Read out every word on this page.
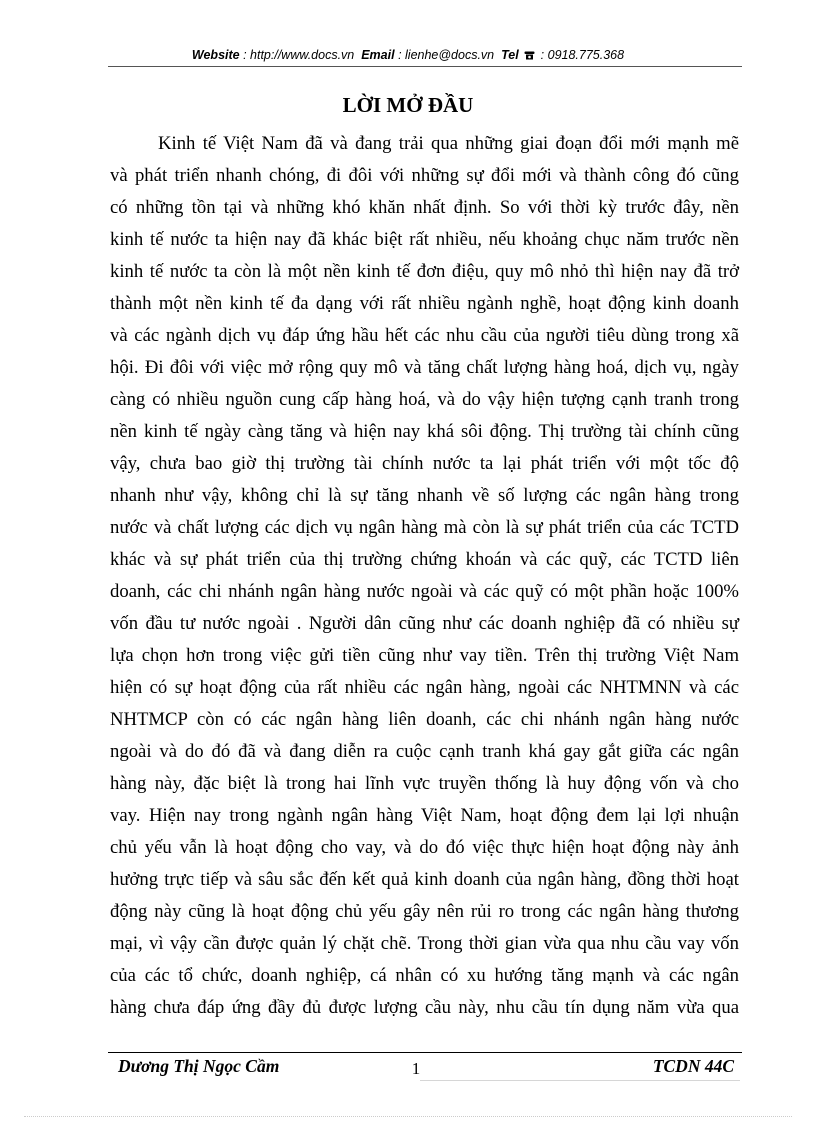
Website : http://www.docs.vn Email : lienhe@docs.vn Tel : 0918.775.368
LỜI MỞ ĐẦU
Kinh tế Việt Nam đã và đang trải qua những giai đoạn đổi mới mạnh mẽ
và phát triển nhanh chóng, đi đôi với những sự đổi mới và thành công đó cũng
có những tồn tại và những khó khăn nhất định. So với thời kỳ trước đây, nền
kinh tế nước ta hiện nay đã khác biệt rất nhiều, nếu khoảng chục năm trước nền
kinh tế nước ta còn là một nền kinh tế đơn điệu, quy mô nhỏ thì hiện nay đã trở
thành một nền kinh tế đa dạng với rất nhiều ngành nghề, hoạt động kinh doanh
và các ngành dịch vụ đáp ứng hầu hết các nhu cầu của người tiêu dùng trong xã
hội. Đi đôi với việc mở rộng quy mô và tăng chất lượng hàng hoá, dịch vụ, ngày
càng có nhiều nguồn cung cấp hàng hoá, và do vậy hiện tượng cạnh tranh trong
nền kinh tế ngày càng tăng và hiện nay khá sôi động. Thị trường tài chính cũng
vậy, chưa bao giờ thị trường tài chính nước ta lại phát triển với một tốc độ
nhanh như vậy, không chỉ là sự tăng nhanh về số lượng các ngân hàng trong
nước và chất lượng các dịch vụ ngân hàng mà còn là sự phát triển của các TCTD
khác và sự phát triển của thị trường chứng khoán và các quỹ, các TCTD liên
doanh, các chi nhánh ngân hàng nước ngoài và các quỹ có một phần hoặc 100%
vốn đầu tư nước ngoài . Người dân cũng như các doanh nghiệp đã có nhiều sự
lựa chọn hơn trong việc gửi tiền cũng như vay tiền. Trên thị trường Việt Nam
hiện có sự hoạt động của rất nhiều các ngân hàng, ngoài các NHTMNN và các
NHTMCP còn có các ngân hàng liên doanh, các chi nhánh ngân hàng nước
ngoài và do đó đã và đang diễn ra cuộc cạnh tranh khá gay gắt giữa các ngân
hàng này, đặc biệt là trong hai lĩnh vực truyền thống là huy động vốn và cho
vay. Hiện nay trong ngành ngân hàng Việt Nam, hoạt động đem lại lợi nhuận
chủ yếu vẫn là hoạt động cho vay, và do đó việc thực hiện hoạt động này ảnh
hưởng trực tiếp và sâu sắc đến kết quả kinh doanh của ngân hàng, đồng thời hoạt
động này cũng là hoạt động chủ yếu gây nên rủi ro trong các ngân hàng thương
mại, vì vậy cần được quản lý chặt chẽ. Trong thời gian vừa qua nhu cầu vay vốn
của các tổ chức, doanh nghiệp, cá nhân có xu hướng tăng mạnh và các ngân
hàng chưa đáp ứng đầy đủ được lượng cầu này, nhu cầu tín dụng năm vừa qua
Dương Thị Ngọc Cầm	1	TCDN 44C
